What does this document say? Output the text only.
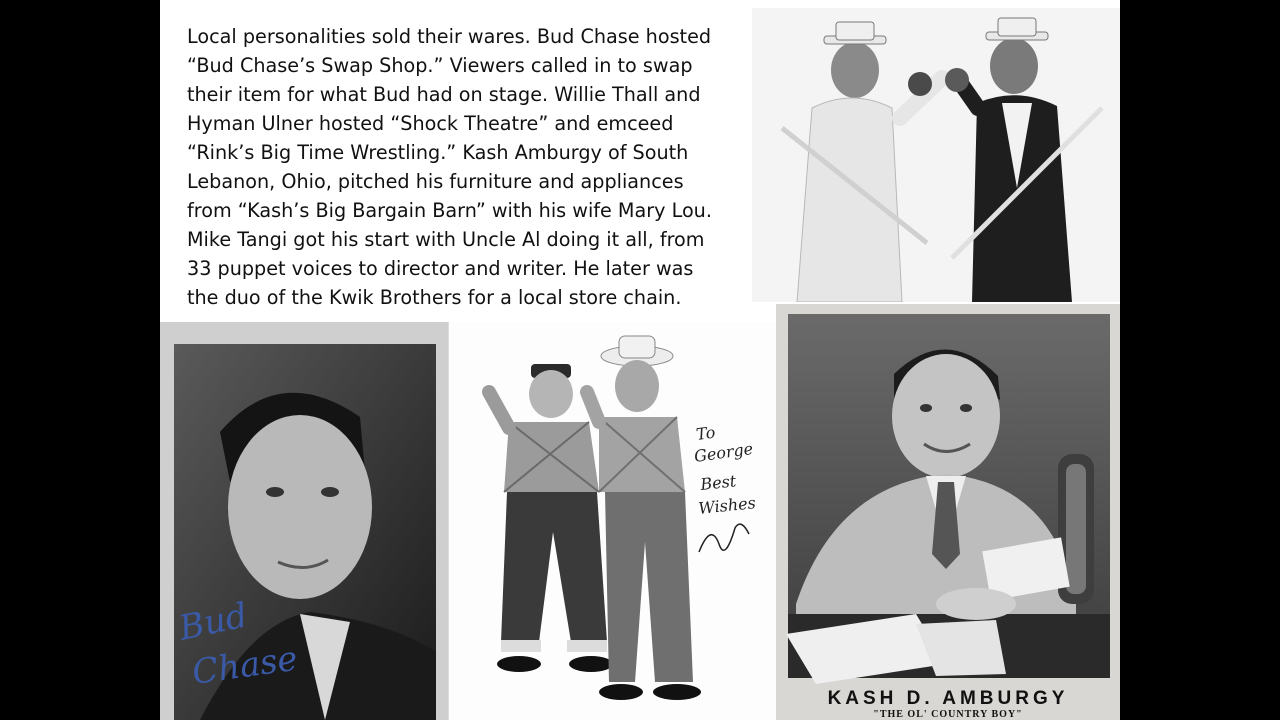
Local personalities sold their wares. Bud Chase hosted
“Bud Chase’s Swap Shop.” Viewers called in to swap
their item for what Bud had on stage. Willie Thall and
Hyman Ulner hosted “Shock Theatre” and emceed
“Rink’s Big Time Wrestling.” Kash Amburgy of South
Lebanon, Ohio, pitched his furniture and appliances
from “Kash’s Big Bargain Barn” with his wife Mary Lou.
Mike Tangi got his start with Uncle Al doing it all, from
33 puppet voices to director and writer. He later was
the duo of the Kwik Brothers for a local store chain.
Bud
Chase
To
George
Best
Wishes
KASH D. AMBURGY
"THE OL' COUNTRY BOY"
